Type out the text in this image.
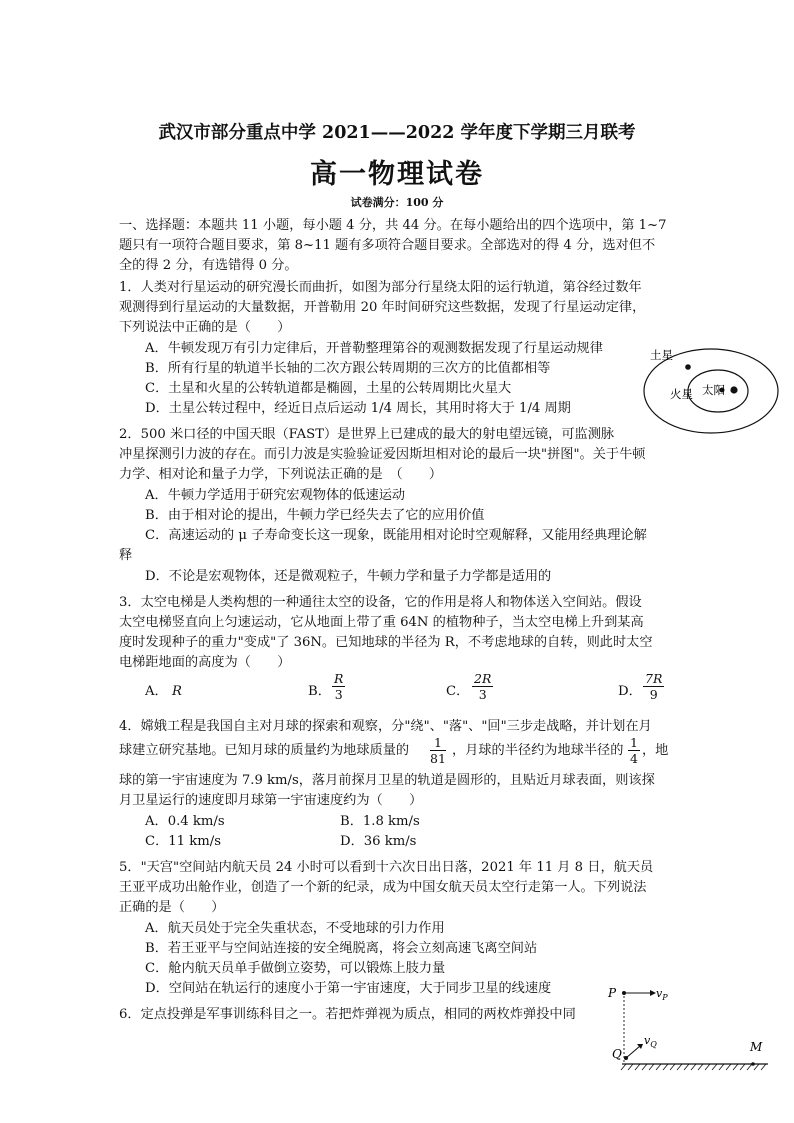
武汉市部分重点中学 2021——2022 学年度下学期三月联考
高一物理试卷
试卷满分：100 分
一、选择题：本题共 11 小题，每小题 4 分，共 44 分。在每小题给出的四个选项中，第 1~7
题只有一项符合题目要求，第 8~11 题有多项符合题目要求。全部选对的得 4 分，选对但不
全的得 2 分，有选错得 0 分。
1．人类对行星运动的研究漫长而曲折，如图为部分行星绕太阳的运行轨道，第谷经过数年
观测得到行星运动的大量数据，开普勒用 20 年时间研究这些数据，发现了行星运动定律，
下列说法中正确的是（　　）
A．牛顿发现万有引力定律后，开普勒整理第谷的观测数据发现了行星运动规律
B．所有行星的轨道半长轴的二次方跟公转周期的三次方的比值都相等
C．土星和火星的公转轨道都是椭圆，土星的公转周期比火星大
D．土星公转过程中，经近日点后运动 1/4 周长，其用时将大于 1/4 周期
土星
火星 太阳
2．500 米口径的中国天眼（FAST）是世界上已建成的最大的射电望远镜，可监测脉
冲星探测引力波的存在。而引力波是实验验证爱因斯坦相对论的最后一块"拼图"。关于牛顿
力学、相对论和量子力学，下列说法正确的是　（　　）
A．牛顿力学适用于研究宏观物体的低速运动
B．由于相对论的提出，牛顿力学已经失去了它的应用价值
C．高速运动的 μ 子寿命变长这一现象，既能用相对论时空观解释，又能用经典理论解
释
D．不论是宏观物体，还是微观粒子，牛顿力学和量子力学都是适用的
3．太空电梯是人类构想的一种通往太空的设备，它的作用是将人和物体送入空间站。假设
太空电梯竖直向上匀速运动，它从地面上带了重 64N 的植物种子，当太空电梯上升到某高
度时发现种子的重力"变成"了 36N。已知地球的半径为 R，不考虑地球的自转，则此时太空
电梯距地面的高度为（　　）
A． R	B． $\frac{R}{3}$	C． $\frac{2R}{3}$	D． $\frac{7R}{9}$
4．嫦娥工程是我国自主对月球的探索和观察，分"绕"、"落"、"回"三步走战略，并计划在月
球建立研究基地。已知月球的质量约为地球质量的 $\frac{1}{81}$ ，月球的半径约为地球半径的 $\frac{1}{4}$ ，地
球的第一宇宙速度为 7.9 km/s，落月前探月卫星的轨道是圆形的，且贴近月球表面，则该探
月卫星运行的速度即月球第一宇宙速度约为（　　）
A．0.4 km/s	B．1.8 km/s
C．11 km/s	D．36 km/s
5．"天宫"空间站内航天员 24 小时可以看到十六次日出日落，2021 年 11 月 8 日，航天员
王亚平成功出舱作业，创造了一个新的纪录，成为中国女航天员太空行走第一人。下列说法
正确的是（　　）
A．航天员处于完全失重状态，不受地球的引力作用
B．若王亚平与空间站连接的安全绳脱离，将会立刻高速飞离空间站
C．舱内航天员单手做倒立姿势，可以锻炼上肢力量
D．空间站在轨运行的速度小于第一宇宙速度，大于同步卫星的线速度
6．定点投弹是军事训练科目之一。若把炸弹视为质点，相同的两枚炸弹投中同
P	$v_P$
Q
$v_Q$	M
